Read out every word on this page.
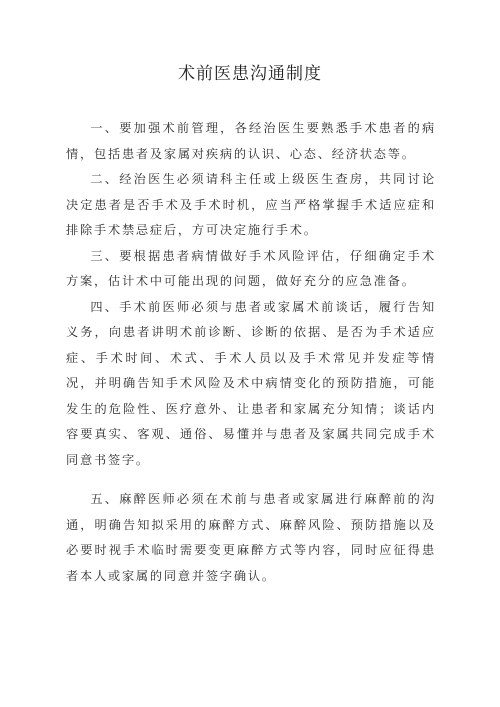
术前医患沟通制度

一、要加强术前管理，各经治医生要熟悉手术患者的病情，包括患者及家属对疾病的认识、心态、经济状态等。

二、经治医生必须请科主任或上级医生查房，共同讨论决定患者是否手术及手术时机，应当严格掌握手术适应症和排除手术禁忌症后，方可决定施行手术。

三、要根据患者病情做好手术风险评估，仔细确定手术方案，估计术中可能出现的问题，做好充分的应急准备。

四、手术前医师必须与患者或家属术前谈话，履行告知义务，向患者讲明术前诊断、诊断的依据、是否为手术适应症、手术时间、术式、手术人员以及手术常见并发症等情况，并明确告知手术风险及术中病情变化的预防措施，可能发生的危险性、医疗意外、让患者和家属充分知情；谈话内容要真实、客观、通俗、易懂并与患者及家属共同完成手术同意书签字。

五、麻醉医师必须在术前与患者或家属进行麻醉前的沟通，明确告知拟采用的麻醉方式、麻醉风险、预防措施以及必要时视手术临时需要变更麻醉方式等内容，同时应征得患者本人或家属的同意并签字确认。
